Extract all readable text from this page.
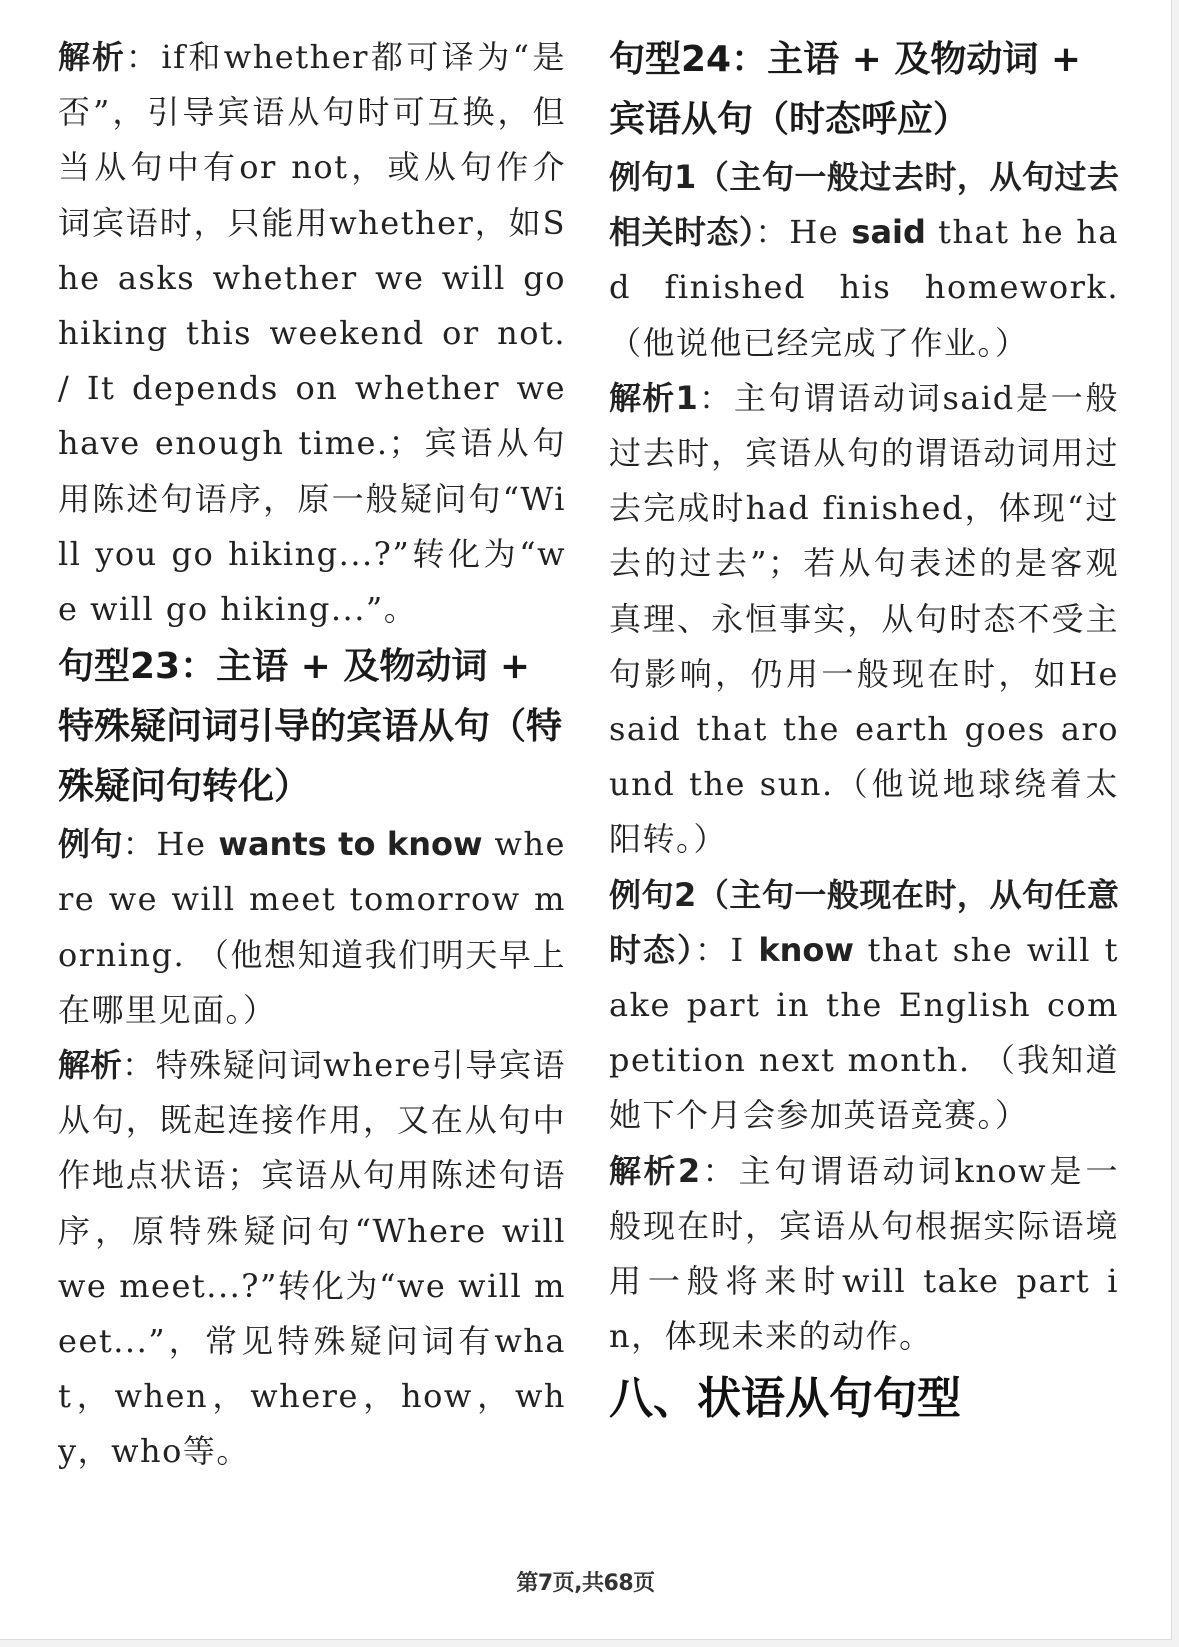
解析：if和whether都可译为“是否”，引导宾语从句时可互换，但当从句中有or not，或从句作介词宾语时，只能用whether，如She asks whether we will go hiking this weekend or not. / It depends on whether we have enough time.；宾语从句用陈述句语序，原一般疑问句“Will you go hiking...?”转化为“we will go hiking...”。

句型23：主语 + 及物动词 + 特殊疑问词引导的宾语从句（特殊疑问句转化）

例句：He wants to know where we will meet tomorrow morning. （他想知道我们明天早上在哪里见面。）

解析：特殊疑问词where引导宾语从句，既起连接作用，又在从句中作地点状语；宾语从句用陈述句语序，原特殊疑问句“Where will we meet...?”转化为“we will meet...”，常见特殊疑问词有what，when，where，how，why，who等。

句型24：主语 + 及物动词 + 宾语从句（时态呼应）

例句1（主句一般过去时，从句过去相关时态）：He said that he had finished his homework. （他说他已经完成了作业。）

解析1：主句谓语动词said是一般过去时，宾语从句的谓语动词用过去完成时had finished，体现“过去的过去”；若从句表述的是客观真理、永恒事实，从句时态不受主句影响，仍用一般现在时，如He said that the earth goes around the sun.（他说地球绕着太阳转。）

例句2（主句一般现在时，从句任意时态）：I know that she will take part in the English competition next month. （我知道她下个月会参加英语竞赛。）

解析2：主句谓语动词know是一般现在时，宾语从句根据实际语境用一般将来时will take part in，体现未来的动作。

八、状语从句句型
第7页,共68页
